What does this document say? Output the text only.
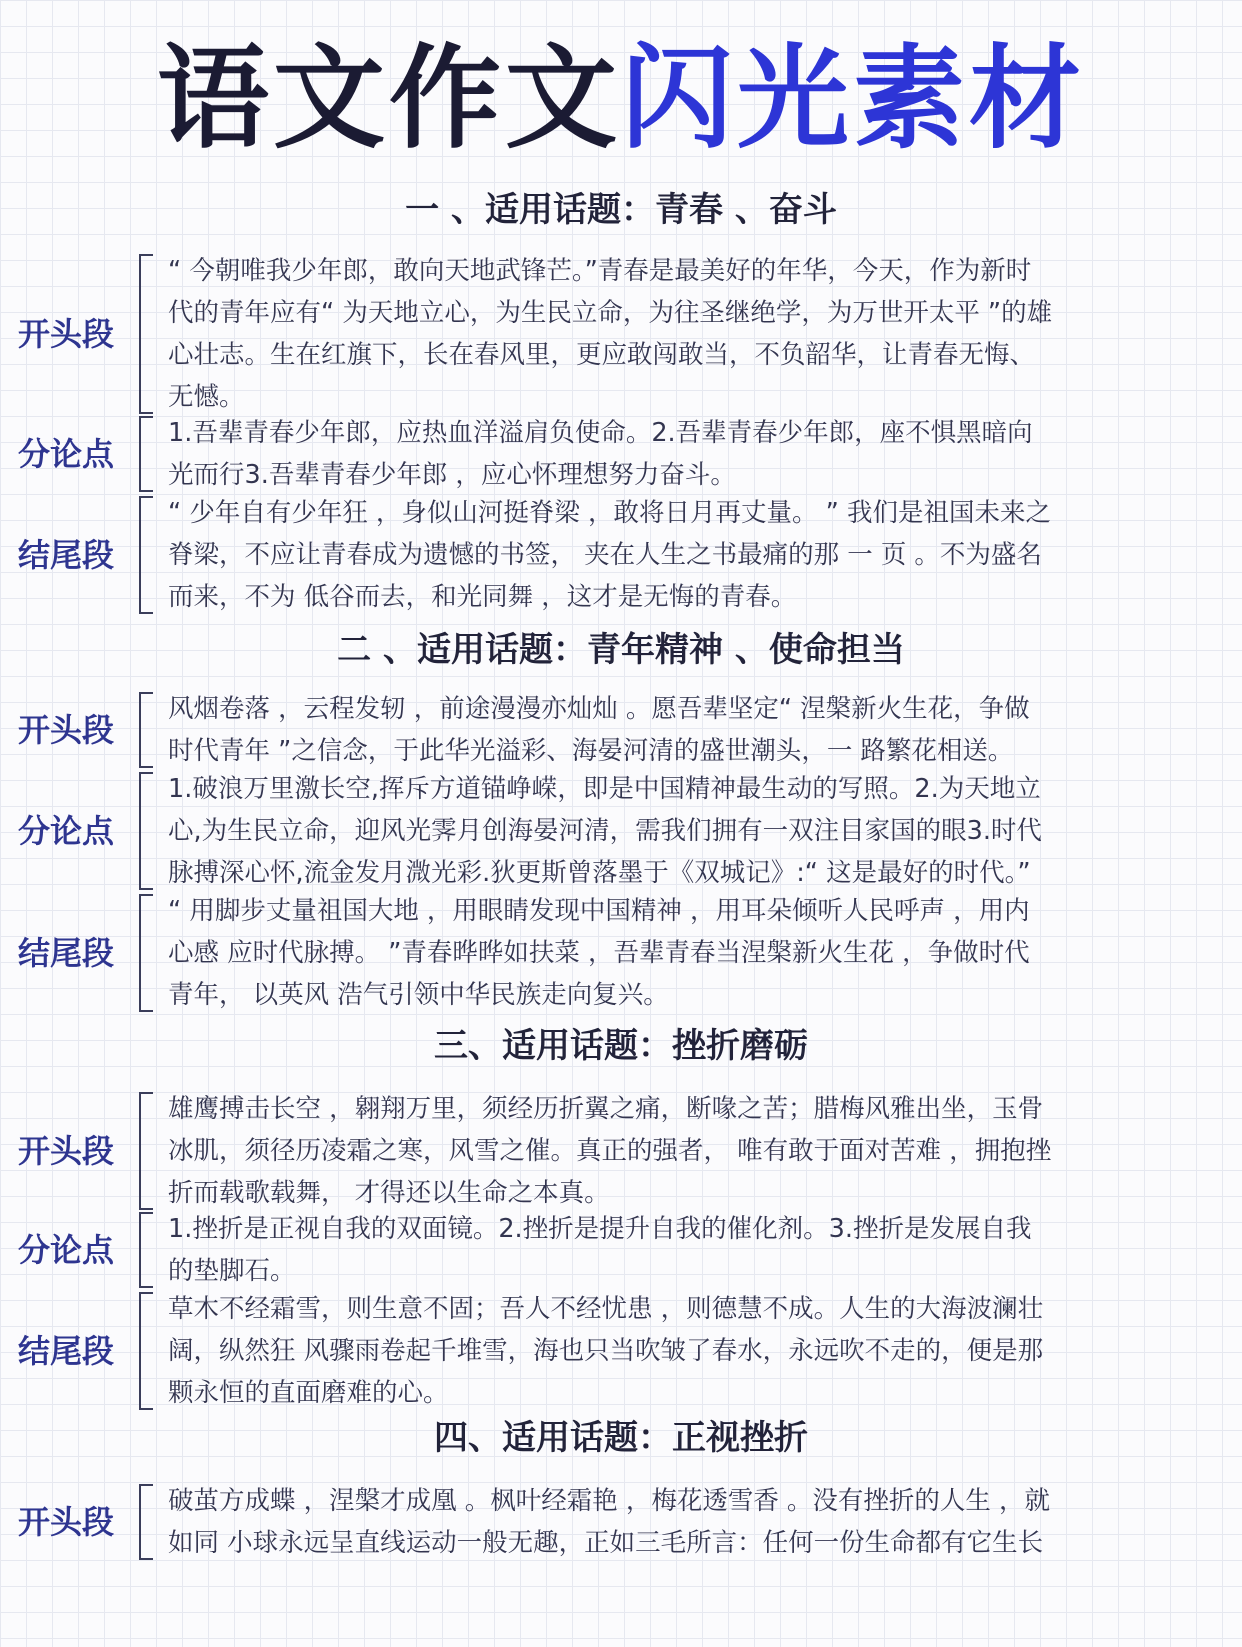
语文作文闪光素材
一 、适用话题：青春 、奋斗
开头段
“ 今朝唯我少年郎，敢向天地武锋芒。”青春是最美好的年华，今天，作为新时
代的青年应有“ 为天地立心，为生民立命，为往圣继绝学，为万世开太平 ”的雄
心壮志。生在红旗下，长在春风里，更应敢闯敢当，不负韶华，让青春无悔、
无憾。
分论点
1.吾辈青春少年郎，应热血洋溢肩负使命。2.吾辈青春少年郎，座不惧黑暗向
光而行3.吾辈青春少年郎 ，应心怀理想努力奋斗。
结尾段
“ 少年自有少年狂 ，身似山河挺脊梁 ，敢将日月再丈量。 ” 我们是祖国未来之
脊梁，不应让青春成为遗憾的书签， 夹在人生之书最痛的那 一 页 。不为盛名
而来，不为 低谷而去，和光同舞 ，这才是无悔的青春。
二 、适用话题：青年精神 、使命担当
开头段
风烟卷落 ，云程发轫 ，前途漫漫亦灿灿 。愿吾辈坚定“ 涅槃新火生花，争做
时代青年 ”之信念，于此华光溢彩、海晏河清的盛世潮头，一 路繁花相送。
分论点
1.破浪万里激长空,挥斥方道锚峥嵘，即是中国精神最生动的写照。2.为天地立
心,为生民立命，迎风光霁月创海晏河清，需我们拥有一双注目家国的眼3.时代
脉搏深心怀,流金发月溦光彩.狄更斯曾落墨于《双城记》:“ 这是最好的时代。”
结尾段
“ 用脚步丈量祖国大地 ，用眼睛发现中国精神 ，用耳朵倾听人民呼声 ，用内
心感 应时代脉搏。 ”青春晔晔如扶菜 ，吾辈青春当涅槃新火生花 ，争做时代
青年， 以英风 浩气引领中华民族走向复兴。
三、适用话题：挫折磨砺
开头段
雄鹰搏击长空 ，翱翔万里，须经历折翼之痛，断喙之苦；腊梅风雅出坐，玉骨
冰肌，须径历凌霜之寒，风雪之催。真正的强者， 唯有敢于面对苦难 ，拥抱挫
折而载歌载舞， 才得还以生命之本真。
分论点
1.挫折是正视自我的双面镜。2.挫折是提升自我的催化剂。3.挫折是发展自我
的垫脚石。
结尾段
草木不经霜雪，则生意不固；吾人不经忧患 ，则德慧不成。人生的大海波澜壮
阔，纵然狂 风骤雨卷起千堆雪，海也只当吹皱了春水，永远吹不走的，便是那
颗永恒的直面磨难的心。
四、适用话题：正视挫折
开头段
破茧方成蝶 ，涅槃才成凰 。枫叶经霜艳 ，梅花透雪香 。没有挫折的人生 ，就
如同 小球永远呈直线运动一般无趣，正如三毛所言：任何一份生命都有它生长
